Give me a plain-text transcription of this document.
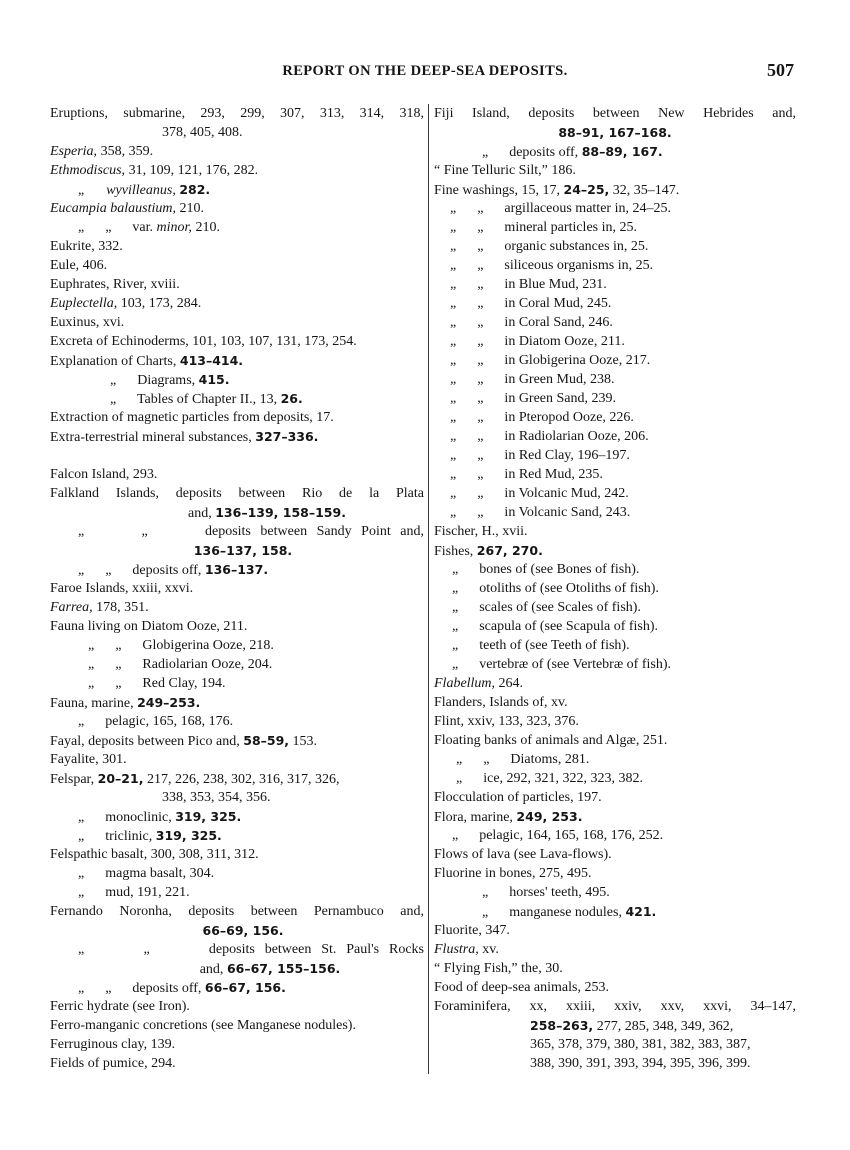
REPORT ON THE DEEP-SEA DEPOSITS.	507
Eruptions, submarine, 293, 299, 307, 313, 314, 318,
378, 405, 408.
Esperia, 358, 359.
Ethmodiscus, 31, 109, 121, 176, 282.
„ wyvilleanus, 282.
Eucampia balaustium, 210.
„      „      var. minor, 210.
Eukrite, 332.
Eule, 406.
Euphrates, River, xviii.
Euplectella, 103, 173, 284.
Euxinus, xvi.
Excreta of Echinoderms, 101, 103, 107, 131, 173, 254.
Explanation of Charts, 413–414.
„      Diagrams, 415.
„      Tables of Chapter II., 13, 26.
Extraction of magnetic particles from deposits, 17.
Extra-terrestrial mineral substances, 327–336.
Falcon Island, 293.
Falkland Islands, deposits between Rio de la Plata
and, 136–139, 158–159.
„      „      deposits between Sandy Point and,
136–137, 158.
„      „      deposits off, 136–137.
Faroe Islands, xxiii, xxvi.
Farrea, 178, 351.
Fauna living on Diatom Ooze, 211.
„      „      Globigerina Ooze, 218.
„      „      Radiolarian Ooze, 204.
„      „      Red Clay, 194.
Fauna, marine, 249–253.
„      pelagic, 165, 168, 176.
Fayal, deposits between Pico and, 58–59, 153.
Fayalite, 301.
Felspar, 20–21, 217, 226, 238, 302, 316, 317, 326,
338, 353, 354, 356.
„      monoclinic, 319, 325.
„      triclinic, 319, 325.
Felspathic basalt, 300, 308, 311, 312.
„      magma basalt, 304.
„      mud, 191, 221.
Fernando Noronha, deposits between Pernambuco and,
66–69, 156.
„      „      deposits between St. Paul's Rocks
and, 66–67, 155–156.
„      „      deposits off, 66–67, 156.
Ferric hydrate (see Iron).
Ferro-manganic concretions (see Manganese nodules).
Ferruginous clay, 139.
Fields of pumice, 294.
Fiji Island, deposits between New Hebrides and,
88–91, 167–168.
„      deposits off, 88–89, 167.
“ Fine Telluric Silt,” 186.
Fine washings, 15, 17, 24–25, 32, 35–147.
„      „      argillaceous matter in, 24–25.
„      „      mineral particles in, 25.
„      „      organic substances in, 25.
„      „      siliceous organisms in, 25.
„      „      in Blue Mud, 231.
„      „      in Coral Mud, 245.
„      „      in Coral Sand, 246.
„      „      in Diatom Ooze, 211.
„      „      in Globigerina Ooze, 217.
„      „      in Green Mud, 238.
„      „      in Green Sand, 239.
„      „      in Pteropod Ooze, 226.
„      „      in Radiolarian Ooze, 206.
„      „      in Red Clay, 196–197.
„      „      in Red Mud, 235.
„      „      in Volcanic Mud, 242.
„      „      in Volcanic Sand, 243.
Fischer, H., xvii.
Fishes, 267, 270.
„      bones of (see Bones of fish).
„      otoliths of (see Otoliths of fish).
„      scales of (see Scales of fish).
„      scapula of (see Scapula of fish).
„      teeth of (see Teeth of fish).
„      vertebræ of (see Vertebræ of fish).
Flabellum, 264.
Flanders, Islands of, xv.
Flint, xxiv, 133, 323, 376.
Floating banks of animals and Algæ, 251.
„      „      Diatoms, 281.
„      ice, 292, 321, 322, 323, 382.
Flocculation of particles, 197.
Flora, marine, 249, 253.
„      pelagic, 164, 165, 168, 176, 252.
Flows of lava (see Lava-flows).
Fluorine in bones, 275, 495.
„      horses' teeth, 495.
„      manganese nodules, 421.
Fluorite, 347.
Flustra, xv.
“ Flying Fish,” the, 30.
Food of deep-sea animals, 253.
Foraminifera, xx, xxiii, xxiv, xxv, xxvi, 34–147,
258–263, 277, 285, 348, 349, 362,
365, 378, 379, 380, 381, 382, 383, 387,
388, 390, 391, 393, 394, 395, 396, 399.
